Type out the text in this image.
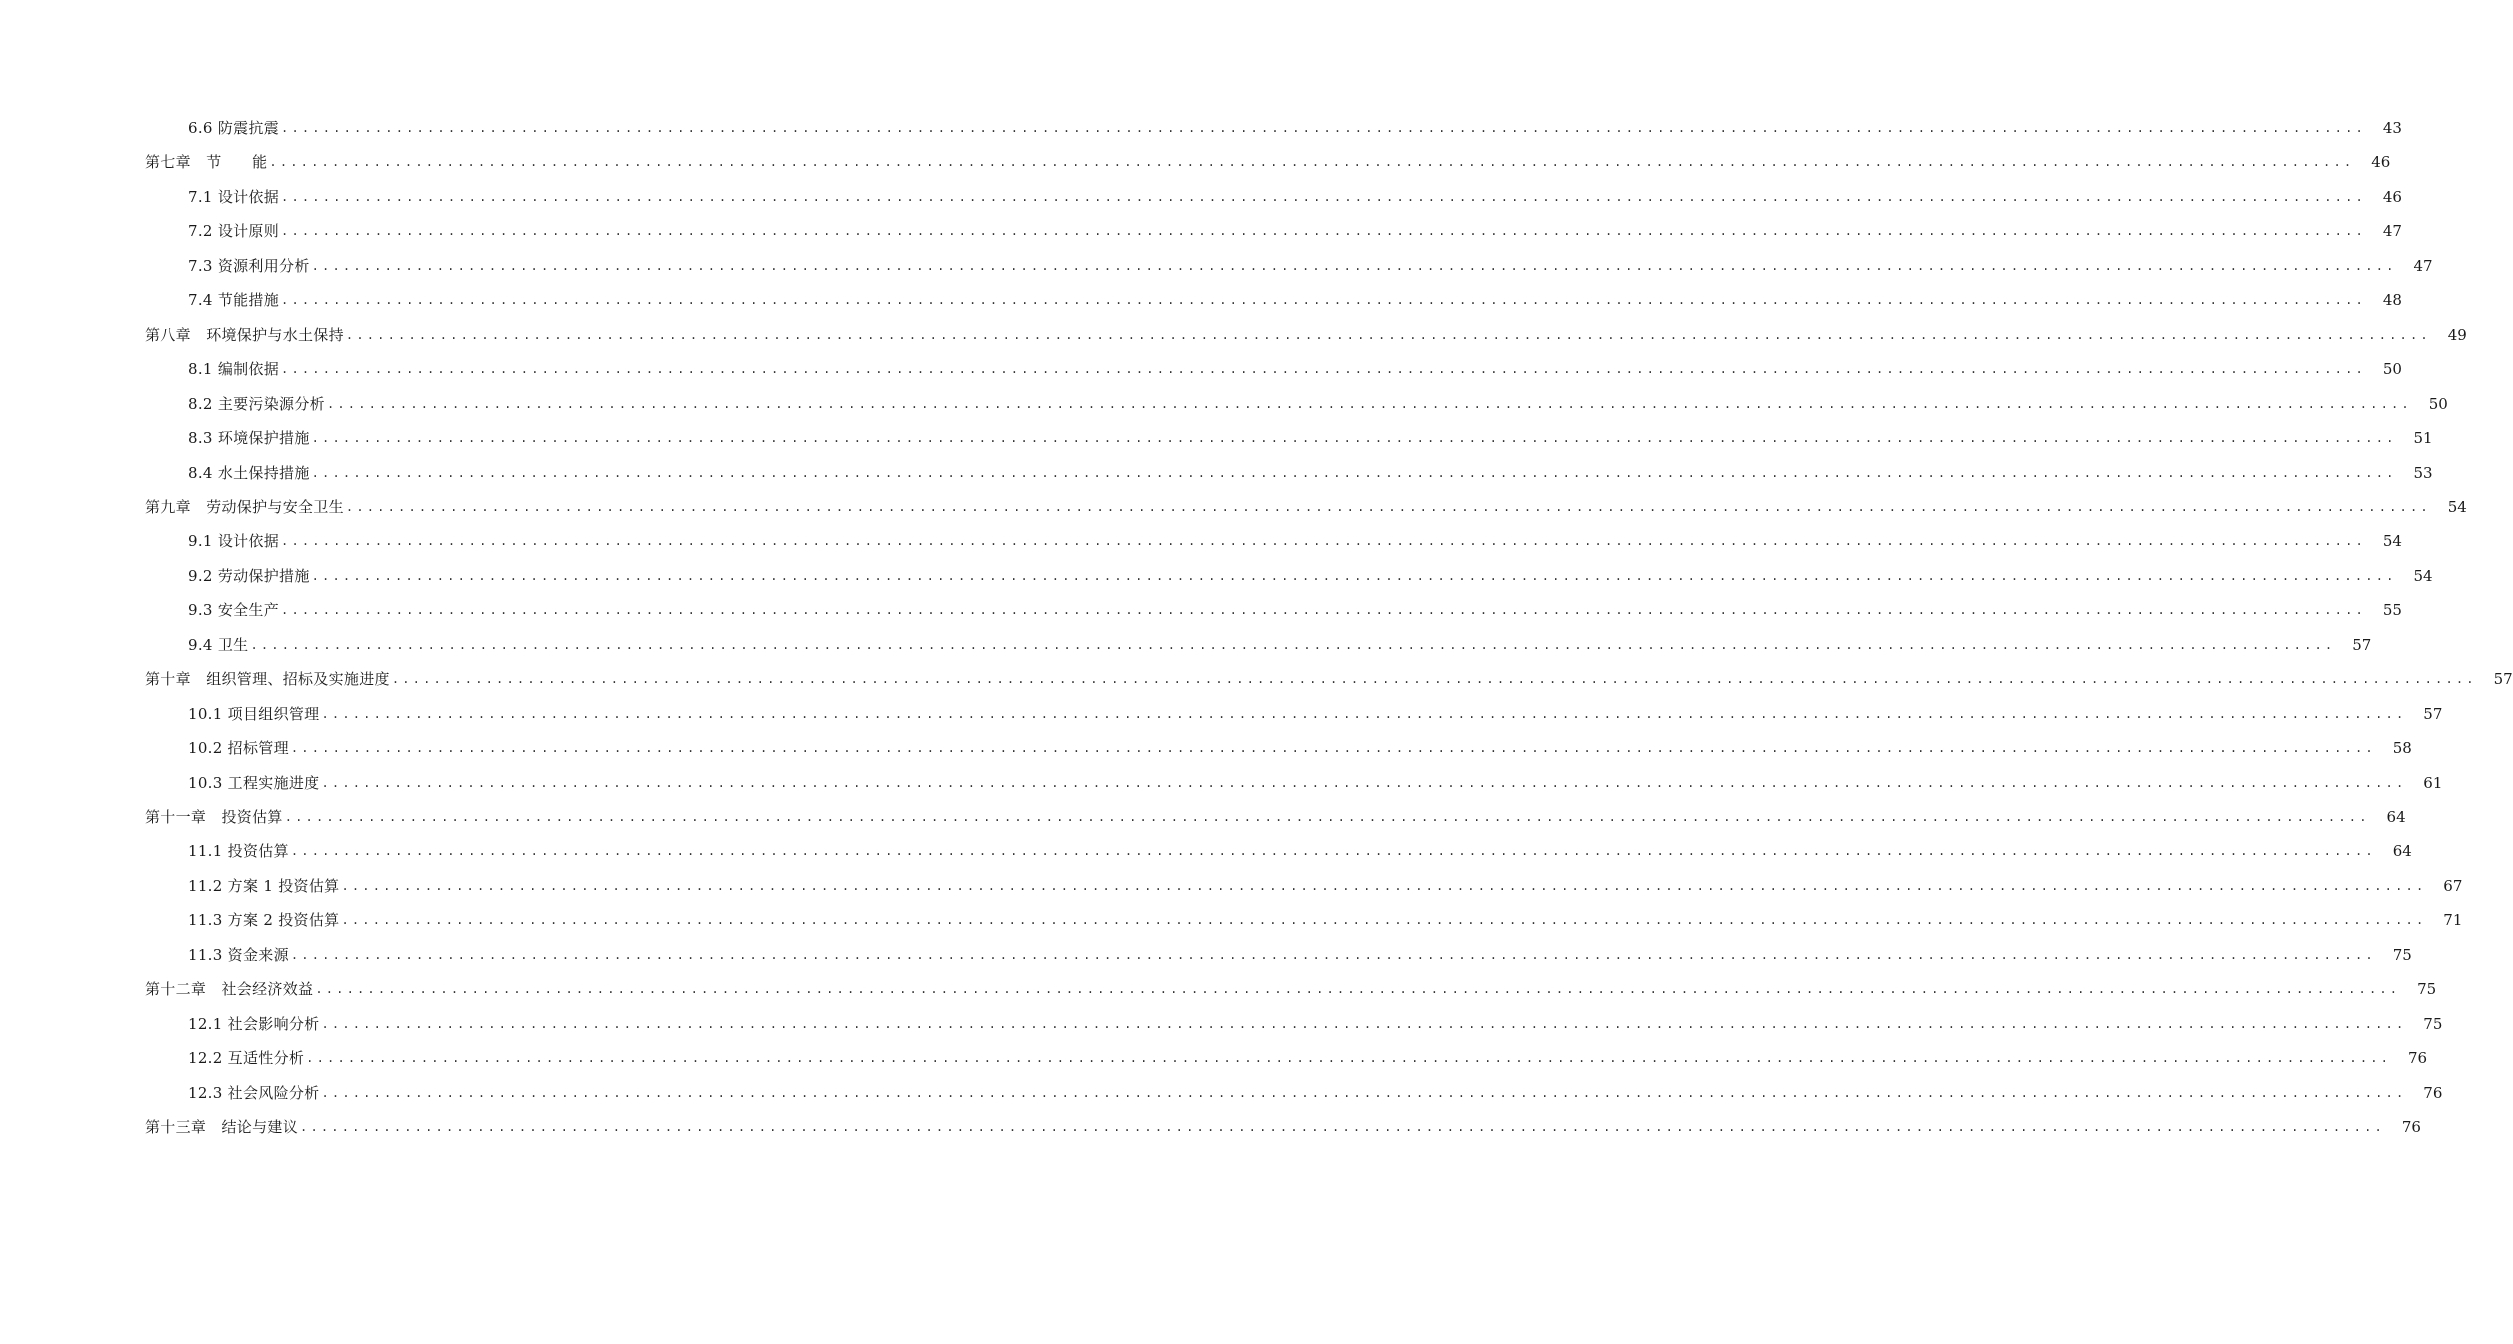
6.6 防震抗震 ........................................................................................................................................................................................................	43
第七章　节　　能 ........................................................................................................................................................................................................	46
7.1 设计依据 ........................................................................................................................................................................................................	46
7.2 设计原则 ........................................................................................................................................................................................................	47
7.3 资源利用分析 ........................................................................................................................................................................................................	47
7.4 节能措施 ........................................................................................................................................................................................................	48
第八章　环境保护与水土保持 ........................................................................................................................................................................................................	49
8.1 编制依据 ........................................................................................................................................................................................................	50
8.2 主要污染源分析 ........................................................................................................................................................................................................	50
8.3 环境保护措施 ........................................................................................................................................................................................................	51
8.4 水土保持措施 ........................................................................................................................................................................................................	53
第九章　劳动保护与安全卫生 ........................................................................................................................................................................................................	54
9.1 设计依据 ........................................................................................................................................................................................................	54
9.2 劳动保护措施 ........................................................................................................................................................................................................	54
9.3 安全生产 ........................................................................................................................................................................................................	55
9.4 卫生 ........................................................................................................................................................................................................	57
第十章　组织管理、招标及实施进度 ........................................................................................................................................................................................................	57
10.1 项目组织管理 ........................................................................................................................................................................................................	57
10.2 招标管理 ........................................................................................................................................................................................................	58
10.3 工程实施进度 ........................................................................................................................................................................................................	61
第十一章　投资估算 ........................................................................................................................................................................................................	64
11.1 投资估算 ........................................................................................................................................................................................................	64
11.2 方案 1 投资估算 ........................................................................................................................................................................................................	67
11.3 方案 2 投资估算 ........................................................................................................................................................................................................	71
11.3 资金来源 ........................................................................................................................................................................................................	75
第十二章　社会经济效益 ........................................................................................................................................................................................................	75
12.1 社会影响分析 ........................................................................................................................................................................................................	75
12.2 互适性分析 ........................................................................................................................................................................................................	76
12.3 社会风险分析 ........................................................................................................................................................................................................	76
第十三章　结论与建议 ........................................................................................................................................................................................................	76
